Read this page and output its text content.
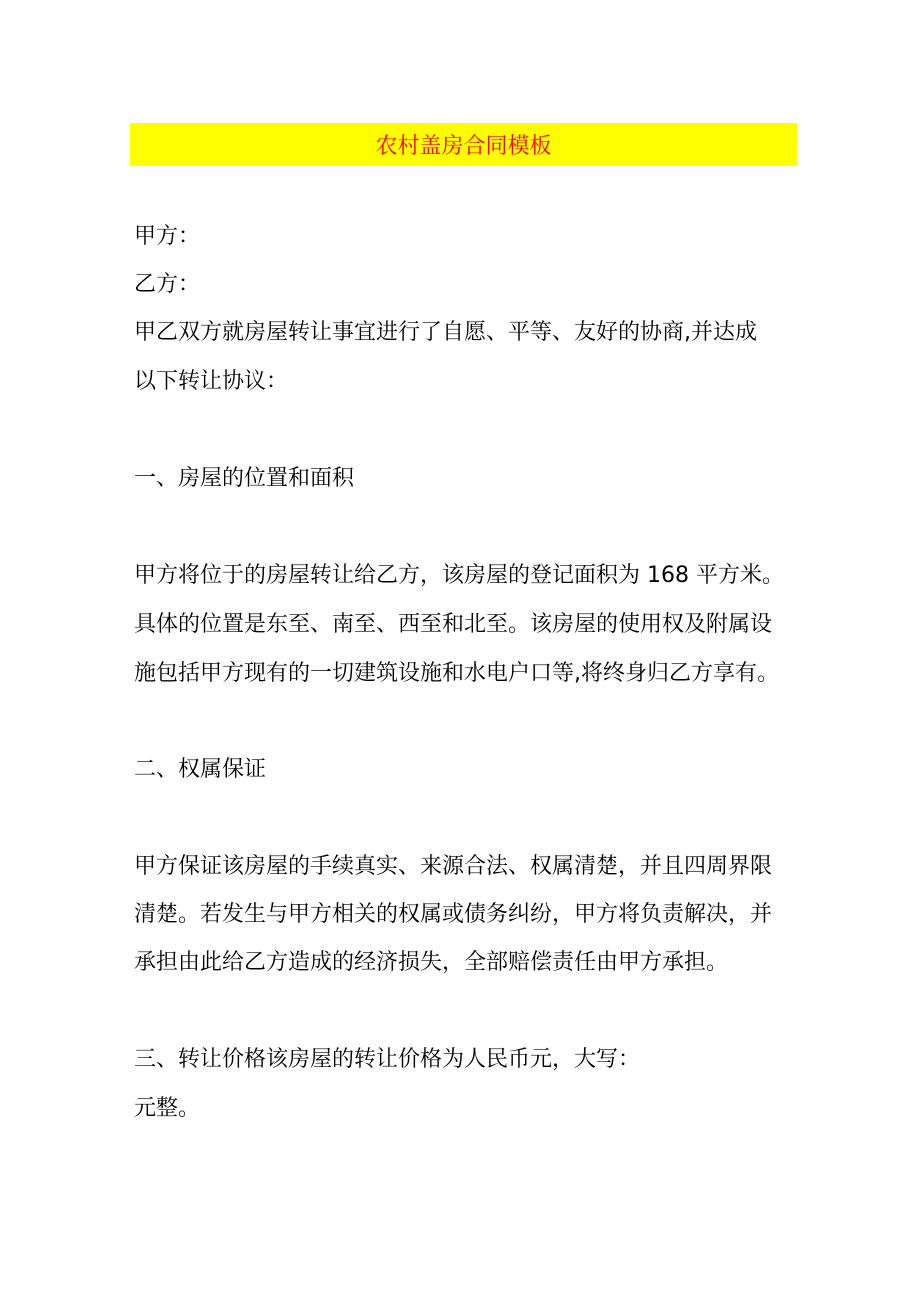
农村盖房合同模板
甲方：
乙方：
甲乙双方就房屋转让事宜进行了自愿、平等、友好的协商,并达成
以下转让协议：
一、房屋的位置和面积
甲方将位于的房屋转让给乙方，该房屋的登记面积为 168 平方米。
具体的位置是东至、南至、西至和北至。该房屋的使用权及附属设
施包括甲方现有的一切建筑设施和水电户口等,将终身归乙方享有。
二、权属保证
甲方保证该房屋的手续真实、来源合法、权属清楚，并且四周界限
清楚。若发生与甲方相关的权属或债务纠纷，甲方将负责解决，并
承担由此给乙方造成的经济损失，全部赔偿责任由甲方承担。
三、转让价格该房屋的转让价格为人民币元，大写：
元整。
